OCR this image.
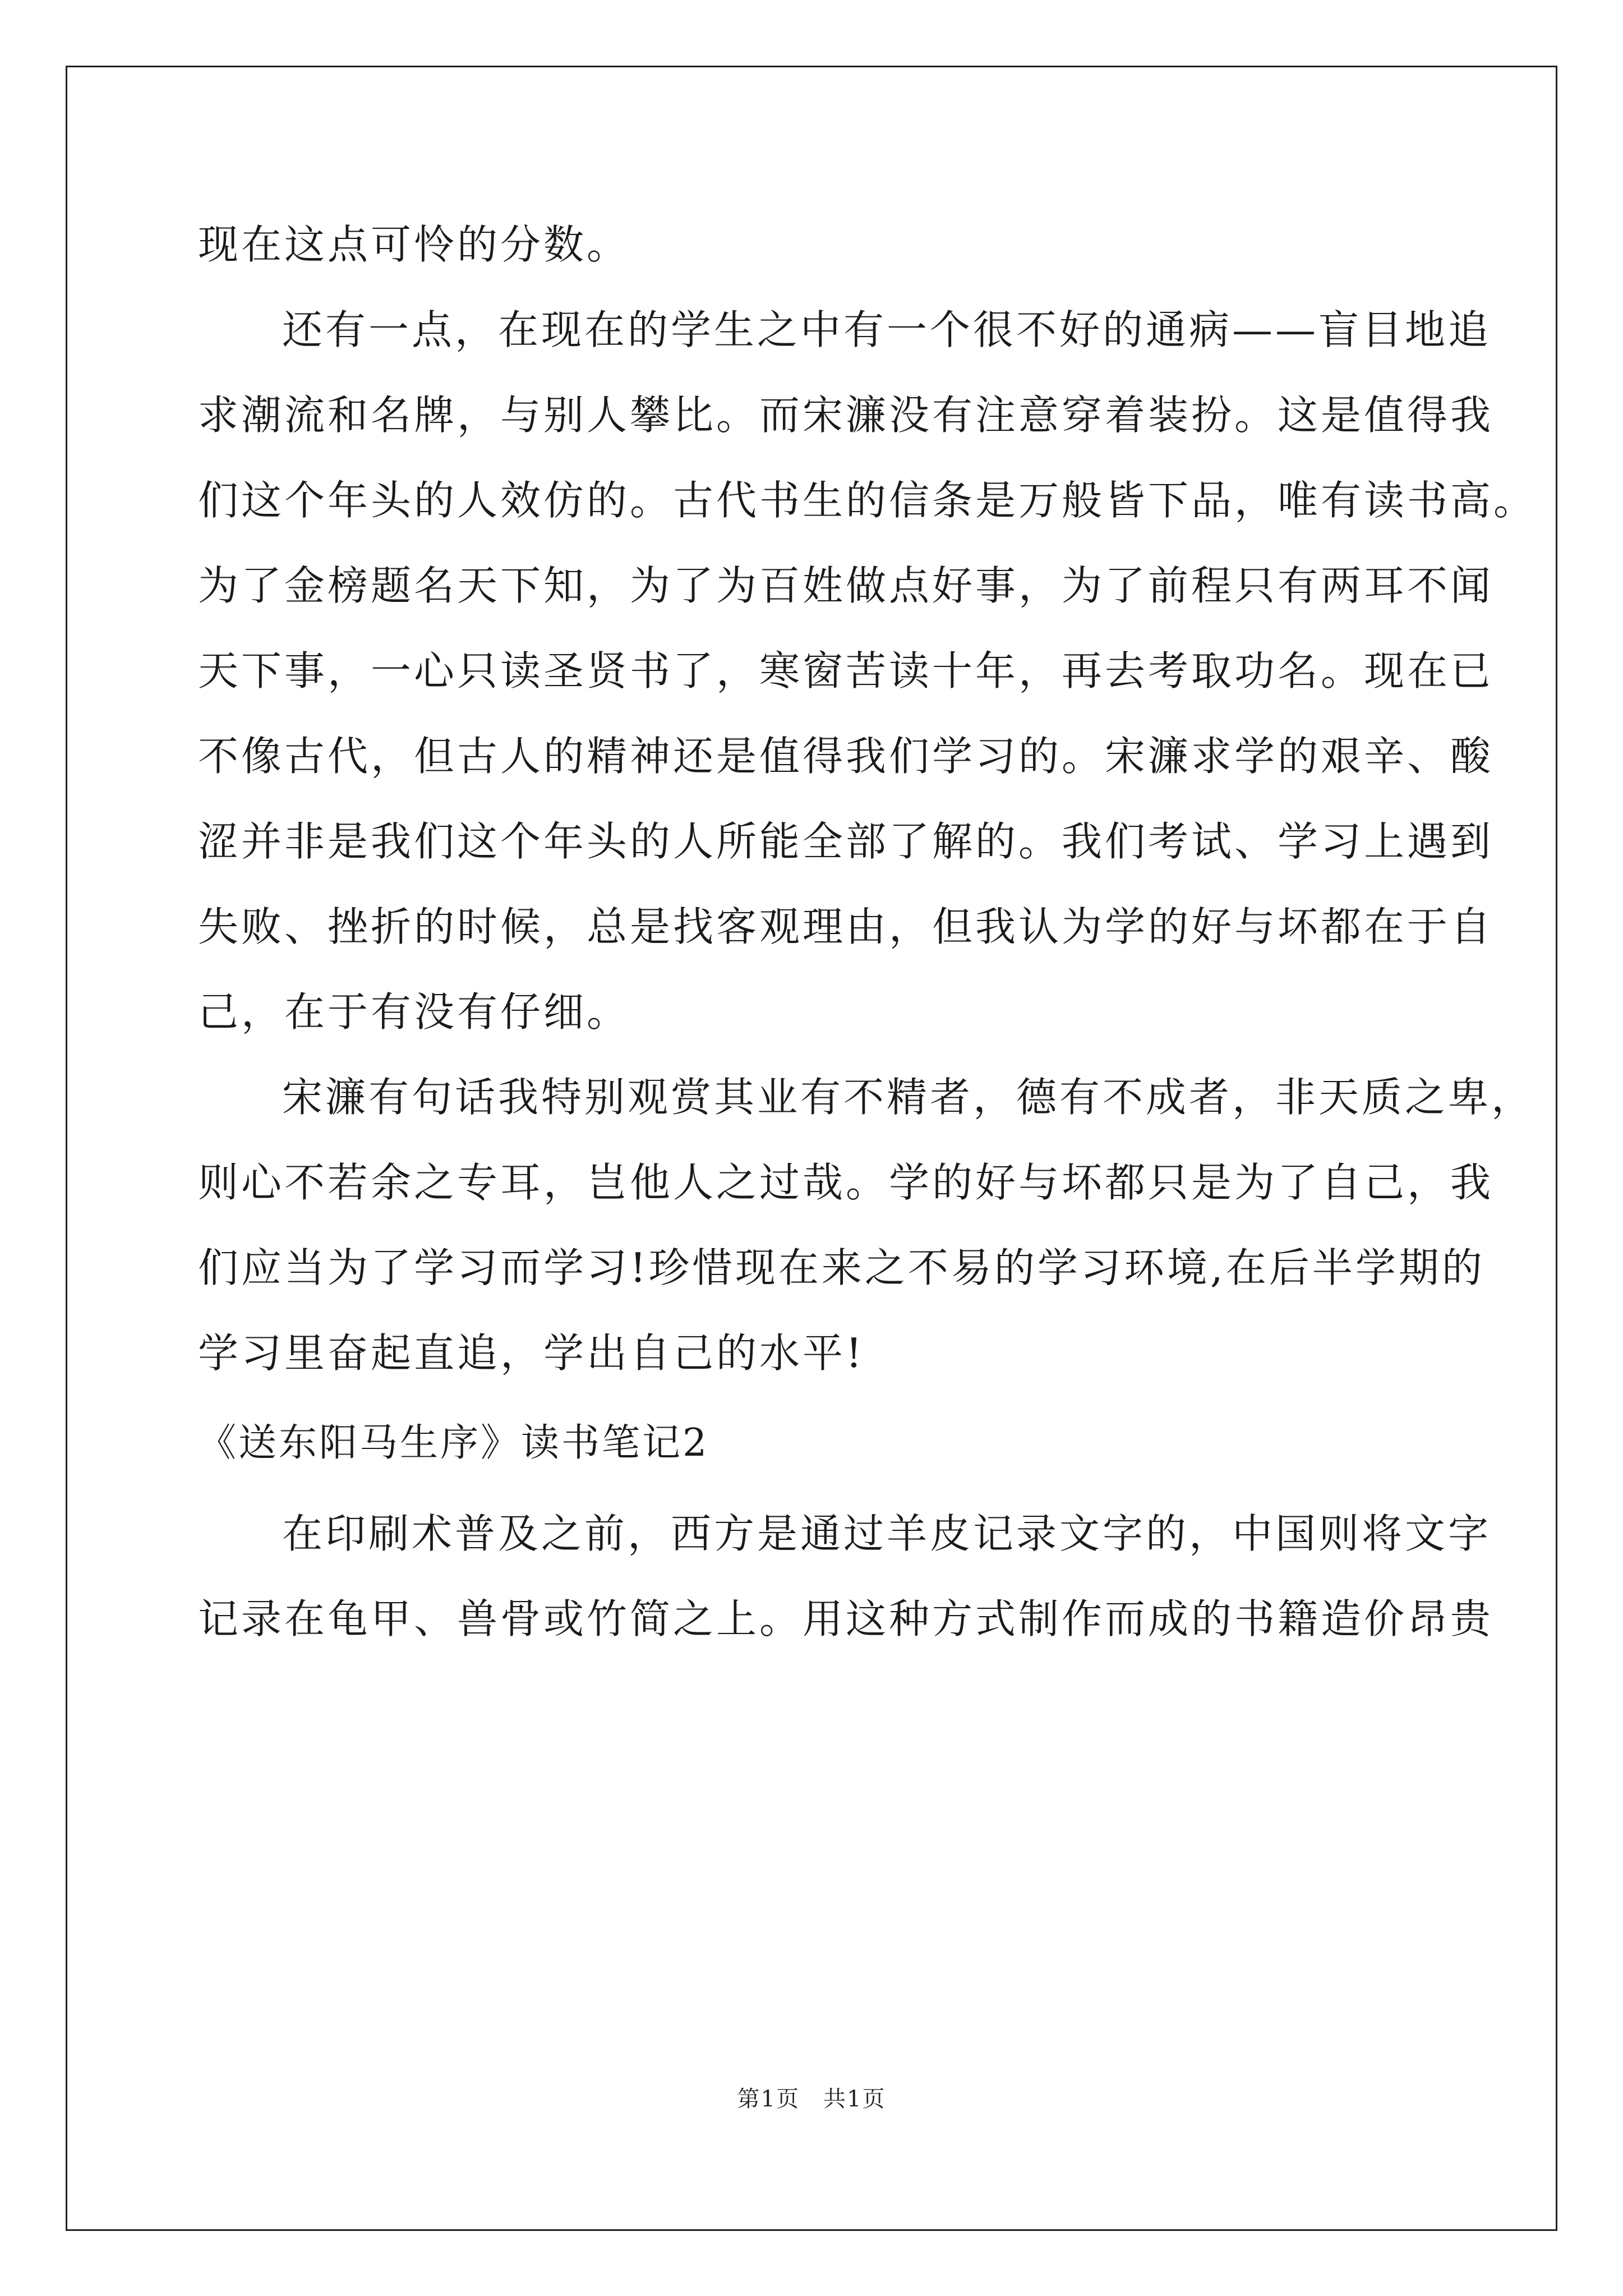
现在这点可怜的分数。
还有一点，在现在的学生之中有一个很不好的通病——盲目地追
求潮流和名牌，与别人攀比。而宋濂没有注意穿着装扮。这是值得我
们这个年头的人效仿的。古代书生的信条是万般皆下品，唯有读书高。
为了金榜题名天下知，为了为百姓做点好事，为了前程只有两耳不闻
天下事，一心只读圣贤书了，寒窗苦读十年，再去考取功名。现在已
不像古代，但古人的精神还是值得我们学习的。宋濂求学的艰辛、酸
涩并非是我们这个年头的人所能全部了解的。我们考试、学习上遇到
失败、挫折的时候，总是找客观理由，但我认为学的好与坏都在于自
己，在于有没有仔细。
宋濂有句话我特别观赏其业有不精者，德有不成者，非天质之卑，
则心不若余之专耳，岂他人之过哉。学的好与坏都只是为了自己，我
们应当为了学习而学习!珍惜现在来之不易的学习环境,在后半学期的
学习里奋起直追，学出自己的水平!
《送东阳马生序》读书笔记2
在印刷术普及之前，西方是通过羊皮记录文字的，中国则将文字
记录在龟甲、兽骨或竹简之上。用这种方式制作而成的书籍造价昂贵
第1页　共1页
